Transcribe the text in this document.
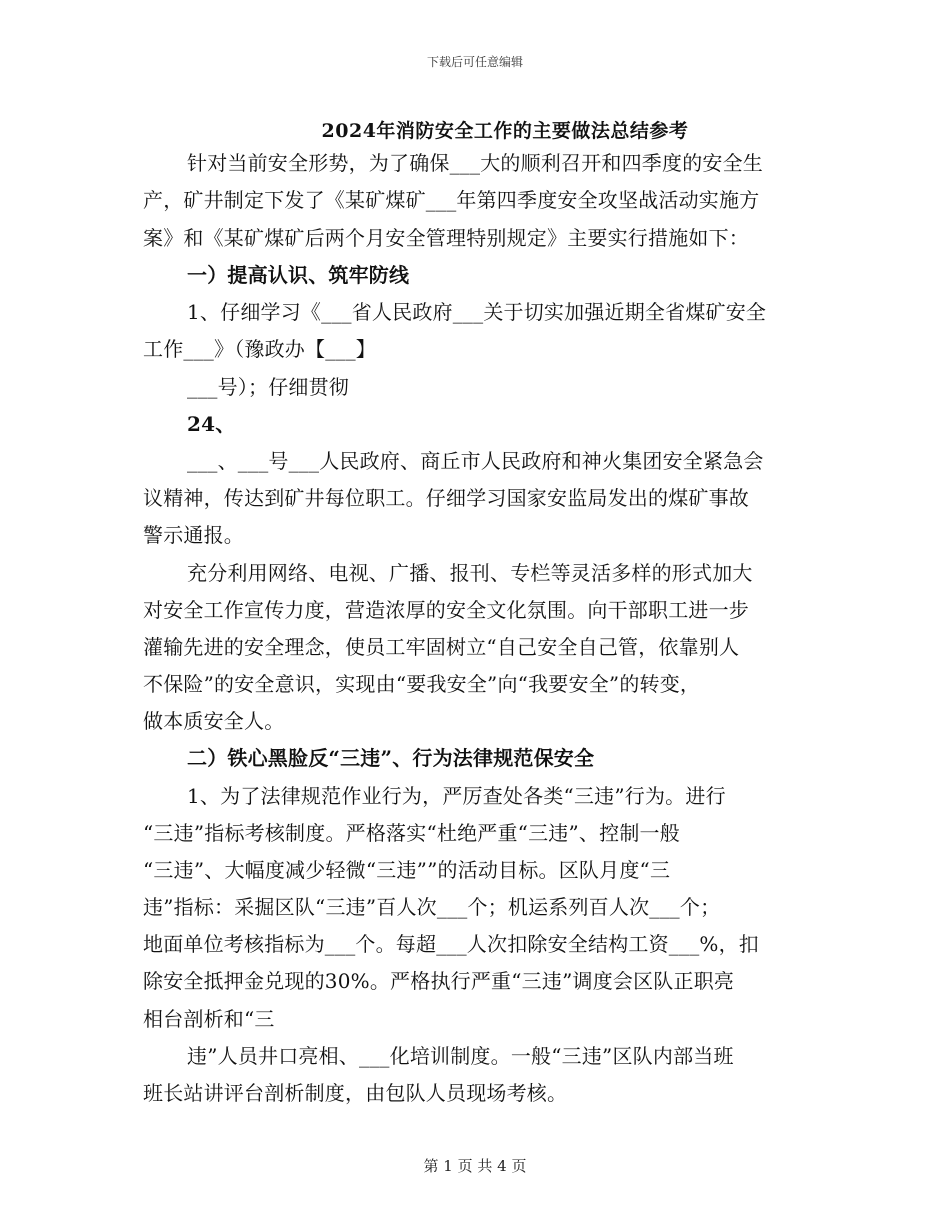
下载后可任意编辑
2024年消防安全工作的主要做法总结参考
针对当前安全形势，为了确保___大的顺利召开和四季度的安全生
产，矿井制定下发了《某矿煤矿___年第四季度安全攻坚战活动实施方
案》和《某矿煤矿后两个月安全管理特别规定》主要实行措施如下：
一）提高认识、筑牢防线
1、仔细学习《___省人民政府___关于切实加强近期全省煤矿安全
工作___》（豫政办【___】
___号）；仔细贯彻
24、
___、___号___人民政府、商丘市人民政府和神火集团安全紧急会
议精神，传达到矿井每位职工。仔细学习国家安监局发出的煤矿事故
警示通报。
充分利用网络、电视、广播、报刊、专栏等灵活多样的形式加大
对安全工作宣传力度，营造浓厚的安全文化氛围。向干部职工进一步
灌输先进的安全理念，使员工牢固树立“自己安全自己管，依靠别人
不保险”的安全意识，实现由“要我安全”向“我要安全”的转变，
做本质安全人。
二）铁心黑脸反“三违”、行为法律规范保安全
1、为了法律规范作业行为，严厉查处各类“三违”行为。进行
“三违”指标考核制度。严格落实“杜绝严重“三违”、控制一般
“三违”、大幅度减少轻微“三违””的活动目标。区队月度“三
违”指标：采掘区队“三违”百人次___个；机运系列百人次___个；
地面单位考核指标为___个。每超___人次扣除安全结构工资___%，扣
除安全抵押金兑现的30%。严格执行严重“三违”调度会区队正职亮
相台剖析和“三
违”人员井口亮相、___化培训制度。一般“三违”区队内部当班
班长站讲评台剖析制度，由包队人员现场考核。
第 1 页 共 4 页
